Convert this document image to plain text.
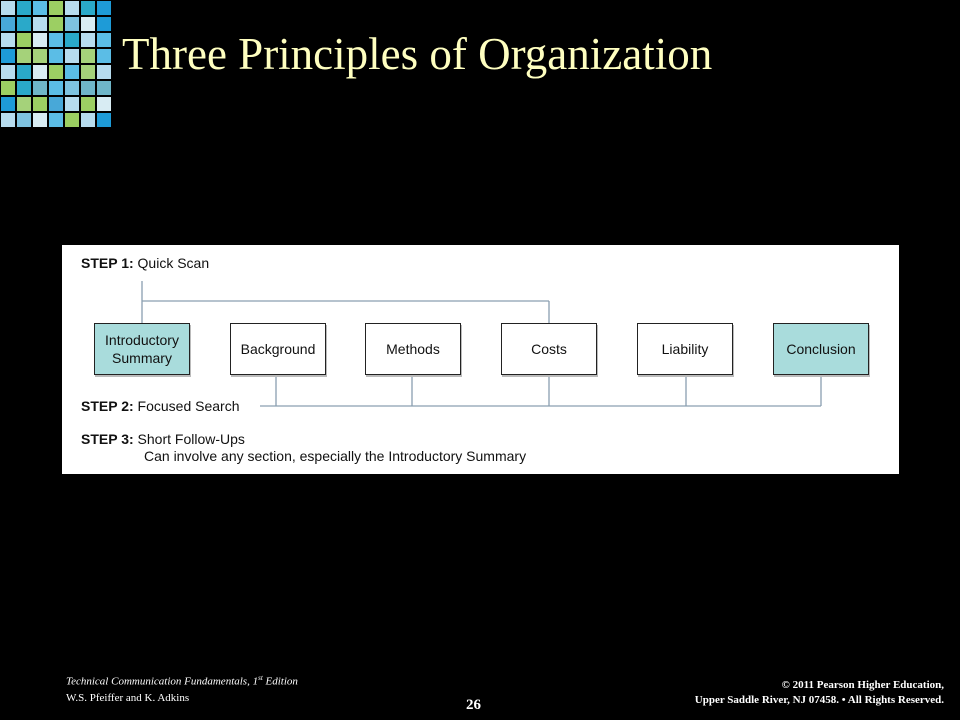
Three Principles of Organization
STEP 1: Quick Scan
Introductory Summary
Background	Methods	Costs	Liability	Conclusion
STEP 2: Focused Search
STEP 3: Short Follow-Ups
Can involve any section, especially the Introductory Summary
Technical Communication Fundamentals, 1st Edition
W.S. Pfeiffer and K. Adkins	26
© 2011 Pearson Higher Education,
Upper Saddle River, NJ 07458. • All Rights Reserved.
